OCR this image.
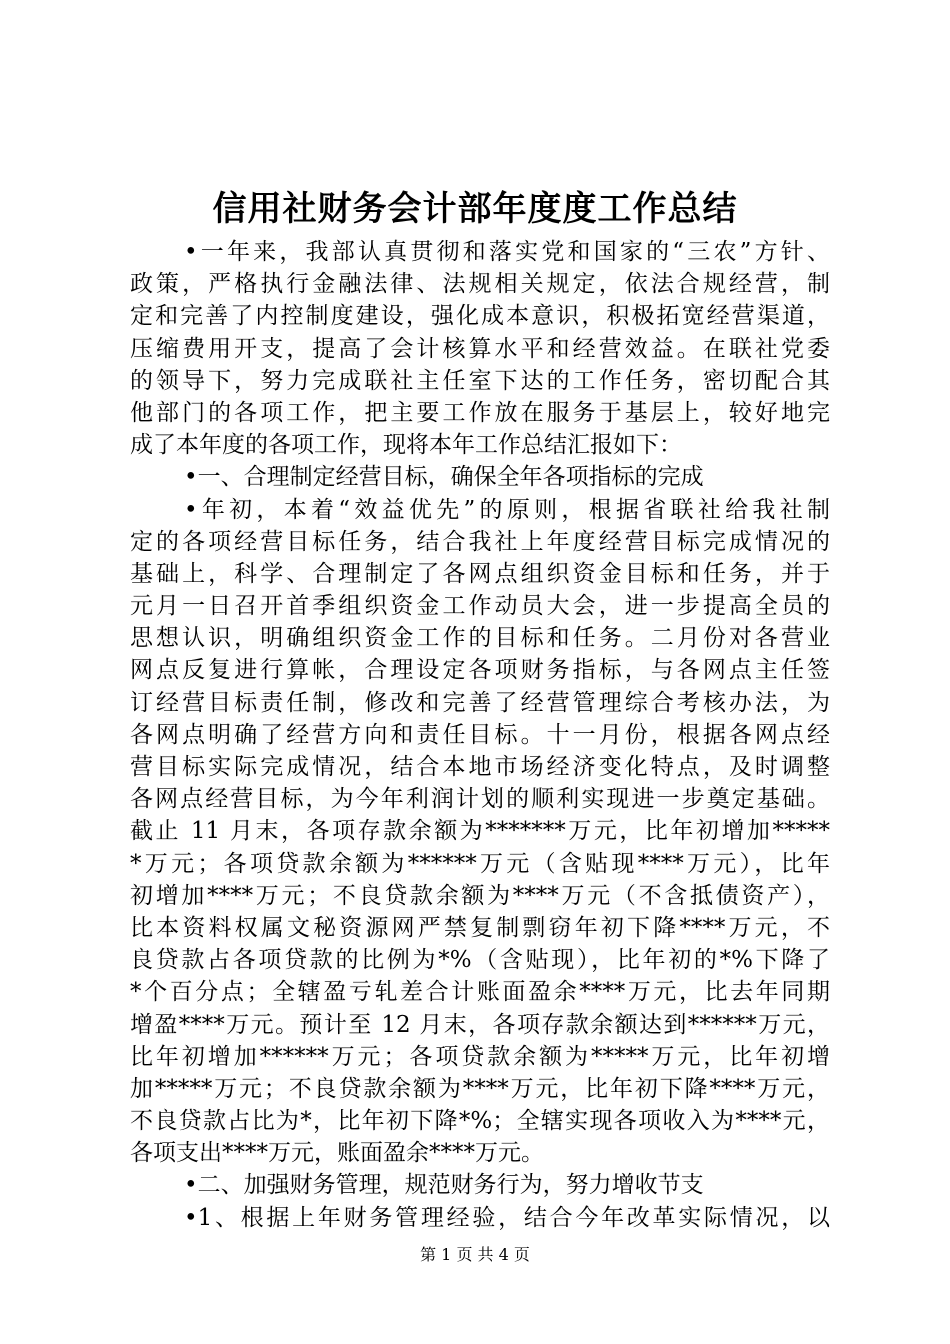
信用社财务会计部年度度工作总结
•一年来，我部认真贯彻和落实党和国家的“三农”方针、
政策，严格执行金融法律、法规相关规定，依法合规经营，制
定和完善了内控制度建设，强化成本意识，积极拓宽经营渠道，
压缩费用开支，提高了会计核算水平和经营效益。在联社党委
的领导下，努力完成联社主任室下达的工作任务，密切配合其
他部门的各项工作，把主要工作放在服务于基层上，较好地完
成了本年度的各项工作，现将本年工作总结汇报如下：
•一、合理制定经营目标，确保全年各项指标的完成
•年初，本着“效益优先”的原则，根据省联社给我社制
定的各项经营目标任务，结合我社上年度经营目标完成情况的
基础上，科学、合理制定了各网点组织资金目标和任务，并于
元月一日召开首季组织资金工作动员大会，进一步提高全员的
思想认识，明确组织资金工作的目标和任务。二月份对各营业
网点反复进行算帐，合理设定各项财务指标，与各网点主任签
订经营目标责任制，修改和完善了经营管理综合考核办法，为
各网点明确了经营方向和责任目标。十一月份，根据各网点经
营目标实际完成情况，结合本地市场经济变化特点，及时调整
各网点经营目标，为今年利润计划的顺利实现进一步奠定基础。
截止 11 月末，各项存款余额为*******万元，比年初增加*****
*万元；各项贷款余额为******万元（含贴现****万元），比年
初增加****万元；不良贷款余额为****万元（不含抵债资产），
比本资料权属文秘资源网严禁复制剽窃年初下降****万元，不
良贷款占各项贷款的比例为*%（含贴现），比年初的*%下降了
*个百分点；全辖盈亏轧差合计账面盈余****万元，比去年同期
增盈****万元。预计至 12 月末，各项存款余额达到******万元，
比年初增加******万元；各项贷款余额为*****万元，比年初增
加*****万元；不良贷款余额为****万元，比年初下降****万元，
不良贷款占比为*，比年初下降*%；全辖实现各项收入为****元，
各项支出****万元，账面盈余****万元。
•二、加强财务管理，规范财务行为，努力增收节支
•1、根据上年财务管理经验，结合今年改革实际情况，以
第 1 页 共 4 页
